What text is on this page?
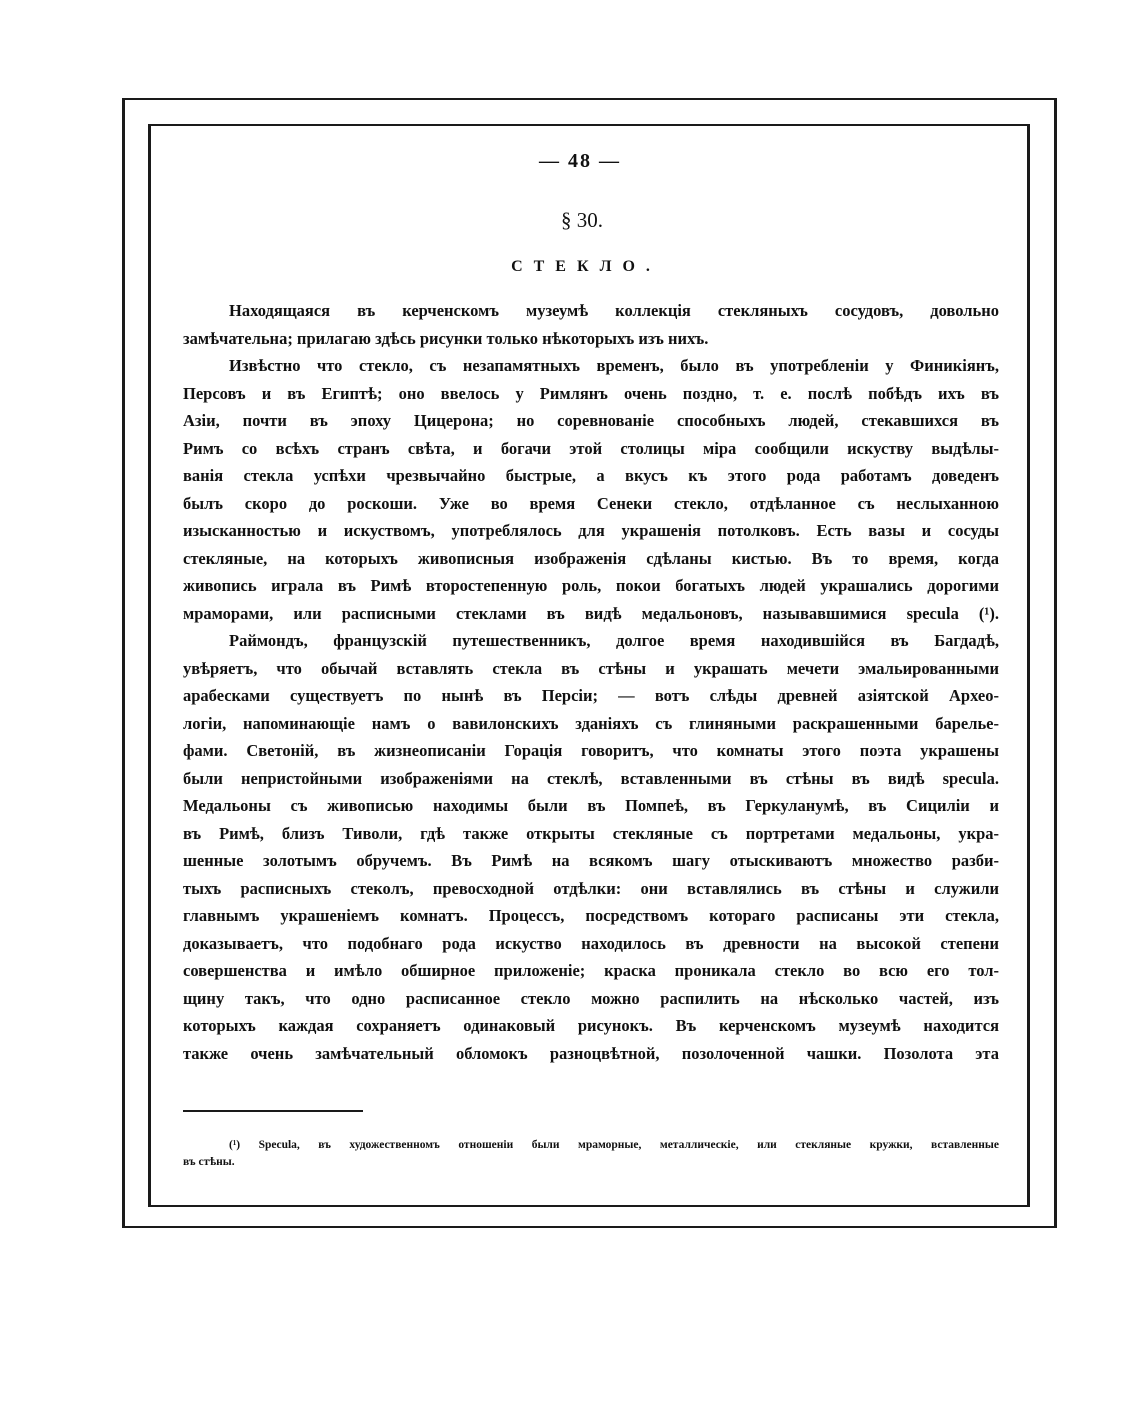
— 48 —
§ 30.
СТЕКЛО.
Находящаяся въ керченскомъ музеумѣ коллекція стекляныхъ сосудовъ, довольно
замѣчательна; прилагаю здѣсь рисунки только нѣкоторыхъ изъ нихъ.
Извѣстно что стекло, съ незапамятныхъ временъ, было въ употребленіи у Финикіянъ,
Персовъ и въ Египтѣ; оно ввелось у Римлянъ очень поздно, т. е. послѣ побѣдъ ихъ въ
Азіи, почти въ эпоху Цицерона; но соревнованіе способныхъ людей, стекавшихся въ
Римъ со всѣхъ странъ свѣта, и богачи этой столицы міра сообщили искуству выдѣлы-
ванія стекла успѣхи чрезвычайно быстрые, а вкусъ къ этого рода работамъ доведенъ
былъ скоро до роскоши. Уже во время Сенеки стекло, отдѣланное съ неслыханною
изысканностью и искуствомъ, употреблялось для украшенія потолковъ. Есть вазы и сосуды
стекляные, на которыхъ живописныя изображенія сдѣланы кистью. Въ то время, когда
живопись играла въ Римѣ второстепенную роль, покои богатыхъ людей украшались дорогими
мраморами, или расписными стеклами въ видѣ медальоновъ, называвшимися specula (¹).
Раймондъ, французскій путешественникъ, долгое время находившійся въ Багдадѣ,
увѣряетъ, что обычай вставлять стекла въ стѣны и украшать мечети эмальированными
арабесками существуетъ по нынѣ въ Персіи; — вотъ слѣды древней азіятской Археo-
логіи, напоминающіе намъ о вавилонскихъ зданіяхъ съ глиняными раскрашенными барелье-
фами. Светоній, въ жизнеописаніи Горація говоритъ, что комнаты этого поэта украшены
были непристойными изображеніями на стеклѣ, вставленными въ стѣны въ видѣ specula.
Медальоны съ живописью находимы были въ Помпеѣ, въ Геркуланумѣ, въ Сициліи и
въ Римѣ, близъ Тиволи, гдѣ также открыты стекляные съ портретами медальоны, укра-
шенные золотымъ обручемъ. Въ Римѣ на всякомъ шагу отыскиваютъ множество разби-
тыхъ расписныхъ стеколъ, превосходной отдѣлки: они вставлялись въ стѣны и служили
главнымъ украшеніемъ комнатъ. Процессъ, посредствомъ котораго расписаны эти стекла,
доказываетъ, что подобнаго рода искуство находилось въ древности на высокой степени
совершенства и имѣло обширное приложеніе; краска проникала стекло во всю его тол-
щину такъ, что одно расписанное стекло можно распилить на нѣсколько частей, изъ
которыхъ каждая сохраняетъ одинаковый рисунокъ. Въ керченскомъ музеумѣ находится
также очень замѣчательный обломокъ разноцвѣтной, позолоченной чашки. Позолота эта
(¹) Specula, въ художественномъ отношеніи были мраморные, металлическіе, или стекляные кружки, вставленные
въ стѣны.
